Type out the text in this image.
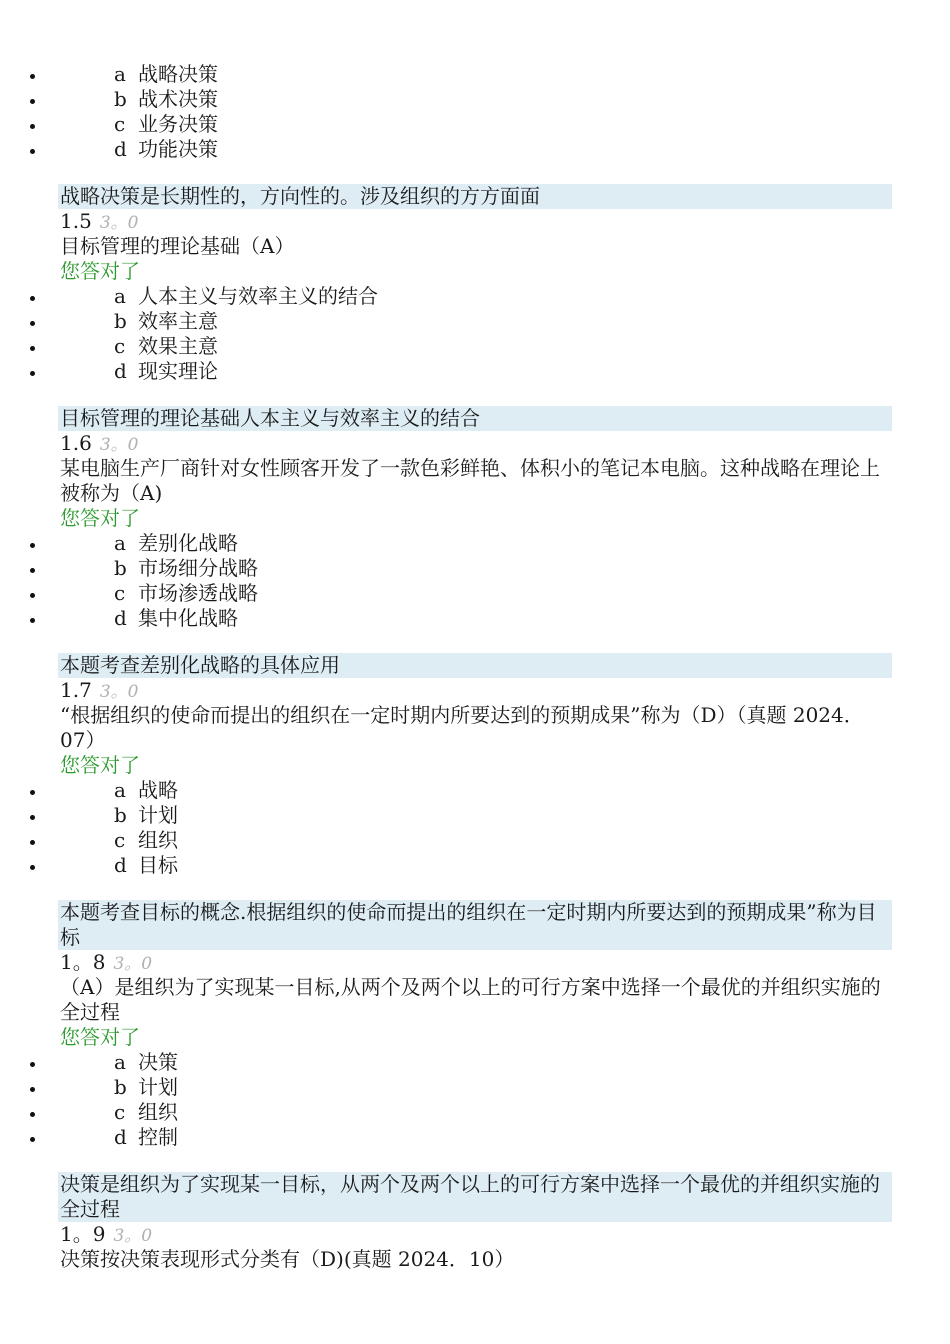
a 战略决策
b 战术决策
c 业务决策
d 功能决策
战略决策是长期性的，方向性的。涉及组织的方方面面
1.5 3。0
目标管理的理论基础（A）
您答对了
a 人本主义与效率主义的结合
b 效率主意
c 效果主意
d 现实理论
目标管理的理论基础人本主义与效率主义的结合
1.6 3。0
某电脑生产厂商针对女性顾客开发了一款色彩鲜艳、体积小的笔记本电脑。这种战略在理论上被称为（A)
您答对了
a 差别化战略
b 市场细分战略
c 市场渗透战略
d 集中化战略
本题考查差别化战略的具体应用
1.7 3。0
“根据组织的使命而提出的组织在一定时期内所要达到的预期成果”称为（D）（真题 2024．07）
您答对了
a 战略
b 计划
c 组织
d 目标
本题考查目标的概念.根据组织的使命而提出的组织在一定时期内所要达到的预期成果”称为目标
1。8 3。0
（A）是组织为了实现某一目标,从两个及两个以上的可行方案中选择一个最优的并组织实施的全过程
您答对了
a 决策
b 计划
c 组织
d 控制
决策是组织为了实现某一目标，从两个及两个以上的可行方案中选择一个最优的并组织实施的全过程
1。9 3。0
决策按决策表现形式分类有（D)(真题 2024．10）
